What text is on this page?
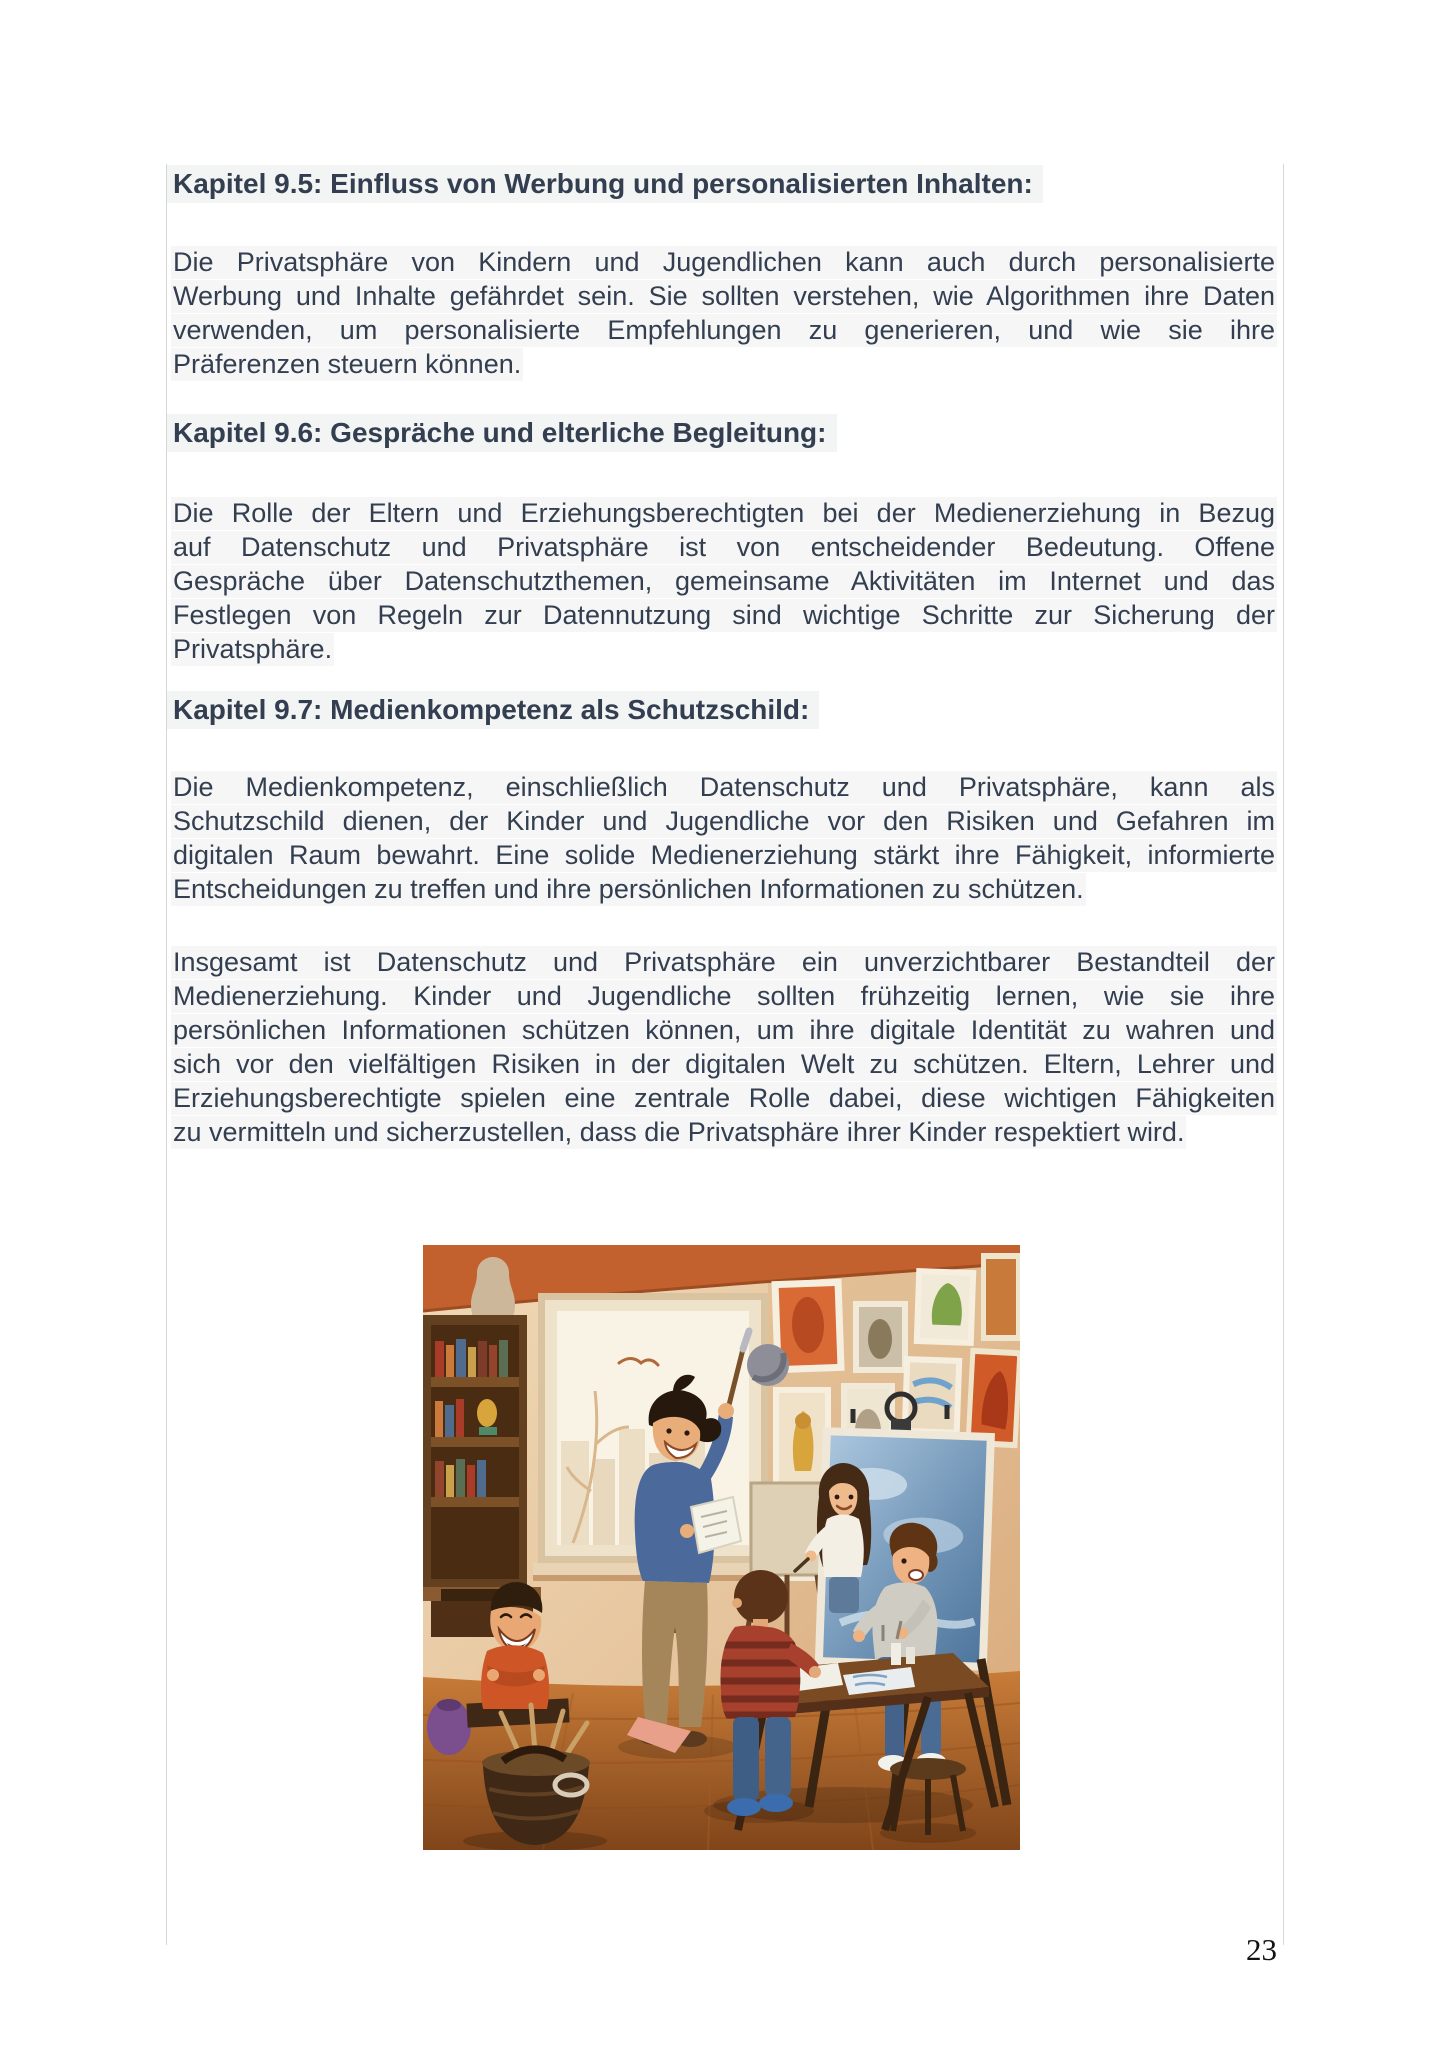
Kapitel 9.5: Einfluss von Werbung und personalisierten Inhalten:
Die Privatsphäre von Kindern und Jugendlichen kann auch durch personalisierte
Werbung und Inhalte gefährdet sein. Sie sollten verstehen, wie Algorithmen ihre Daten
verwenden, um personalisierte Empfehlungen zu generieren, und wie sie ihre
Präferenzen steuern können.
Kapitel 9.6: Gespräche und elterliche Begleitung:
Die Rolle der Eltern und Erziehungsberechtigten bei der Medienerziehung in Bezug
auf Datenschutz und Privatsphäre ist von entscheidender Bedeutung. Offene
Gespräche über Datenschutzthemen, gemeinsame Aktivitäten im Internet und das
Festlegen von Regeln zur Datennutzung sind wichtige Schritte zur Sicherung der
Privatsphäre.
Kapitel 9.7: Medienkompetenz als Schutzschild:
Die Medienkompetenz, einschließlich Datenschutz und Privatsphäre, kann als
Schutzschild dienen, der Kinder und Jugendliche vor den Risiken und Gefahren im
digitalen Raum bewahrt. Eine solide Medienerziehung stärkt ihre Fähigkeit, informierte
Entscheidungen zu treffen und ihre persönlichen Informationen zu schützen.
Insgesamt ist Datenschutz und Privatsphäre ein unverzichtbarer Bestandteil der
Medienerziehung. Kinder und Jugendliche sollten frühzeitig lernen, wie sie ihre
persönlichen Informationen schützen können, um ihre digitale Identität zu wahren und
sich vor den vielfältigen Risiken in der digitalen Welt zu schützen. Eltern, Lehrer und
Erziehungsberechtigte spielen eine zentrale Rolle dabei, diese wichtigen Fähigkeiten
zu vermitteln und sicherzustellen, dass die Privatsphäre ihrer Kinder respektiert wird.
23
